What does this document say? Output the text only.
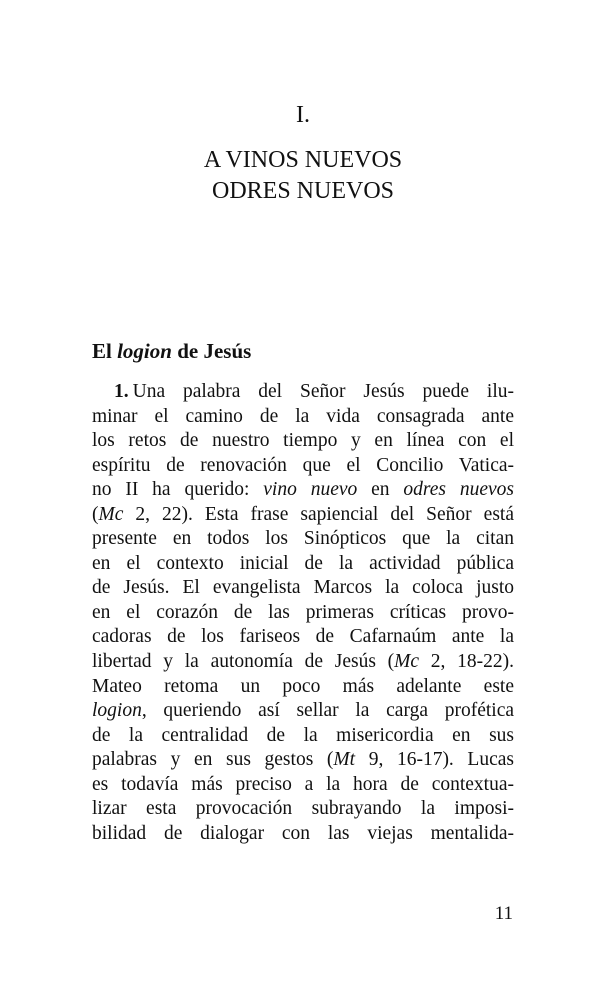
I.
A VINOS NUEVOS
ODRES NUEVOS
El logion de Jesús
1. Una palabra del Señor Jesús puede ilu-
minar el camino de la vida consagrada ante
los retos de nuestro tiempo y en línea con el
espíritu de renovación que el Concilio Vatica-
no II ha querido: vino nuevo en odres nuevos
(Mc 2, 22). Esta frase sapiencial del Señor está
presente en todos los Sinópticos que la citan
en el contexto inicial de la actividad pública
de Jesús. El evangelista Marcos la coloca justo
en el corazón de las primeras críticas provo-
cadoras de los fariseos de Cafarnaúm ante la
libertad y la autonomía de Jesús (Mc 2, 18-22).
Mateo retoma un poco más adelante este
logion, queriendo así sellar la carga profética
de la centralidad de la misericordia en sus
palabras y en sus gestos (Mt 9, 16-17). Lucas
es todavía más preciso a la hora de contextua-
lizar esta provocación subrayando la imposi-
bilidad de dialogar con las viejas mentalida-
11
